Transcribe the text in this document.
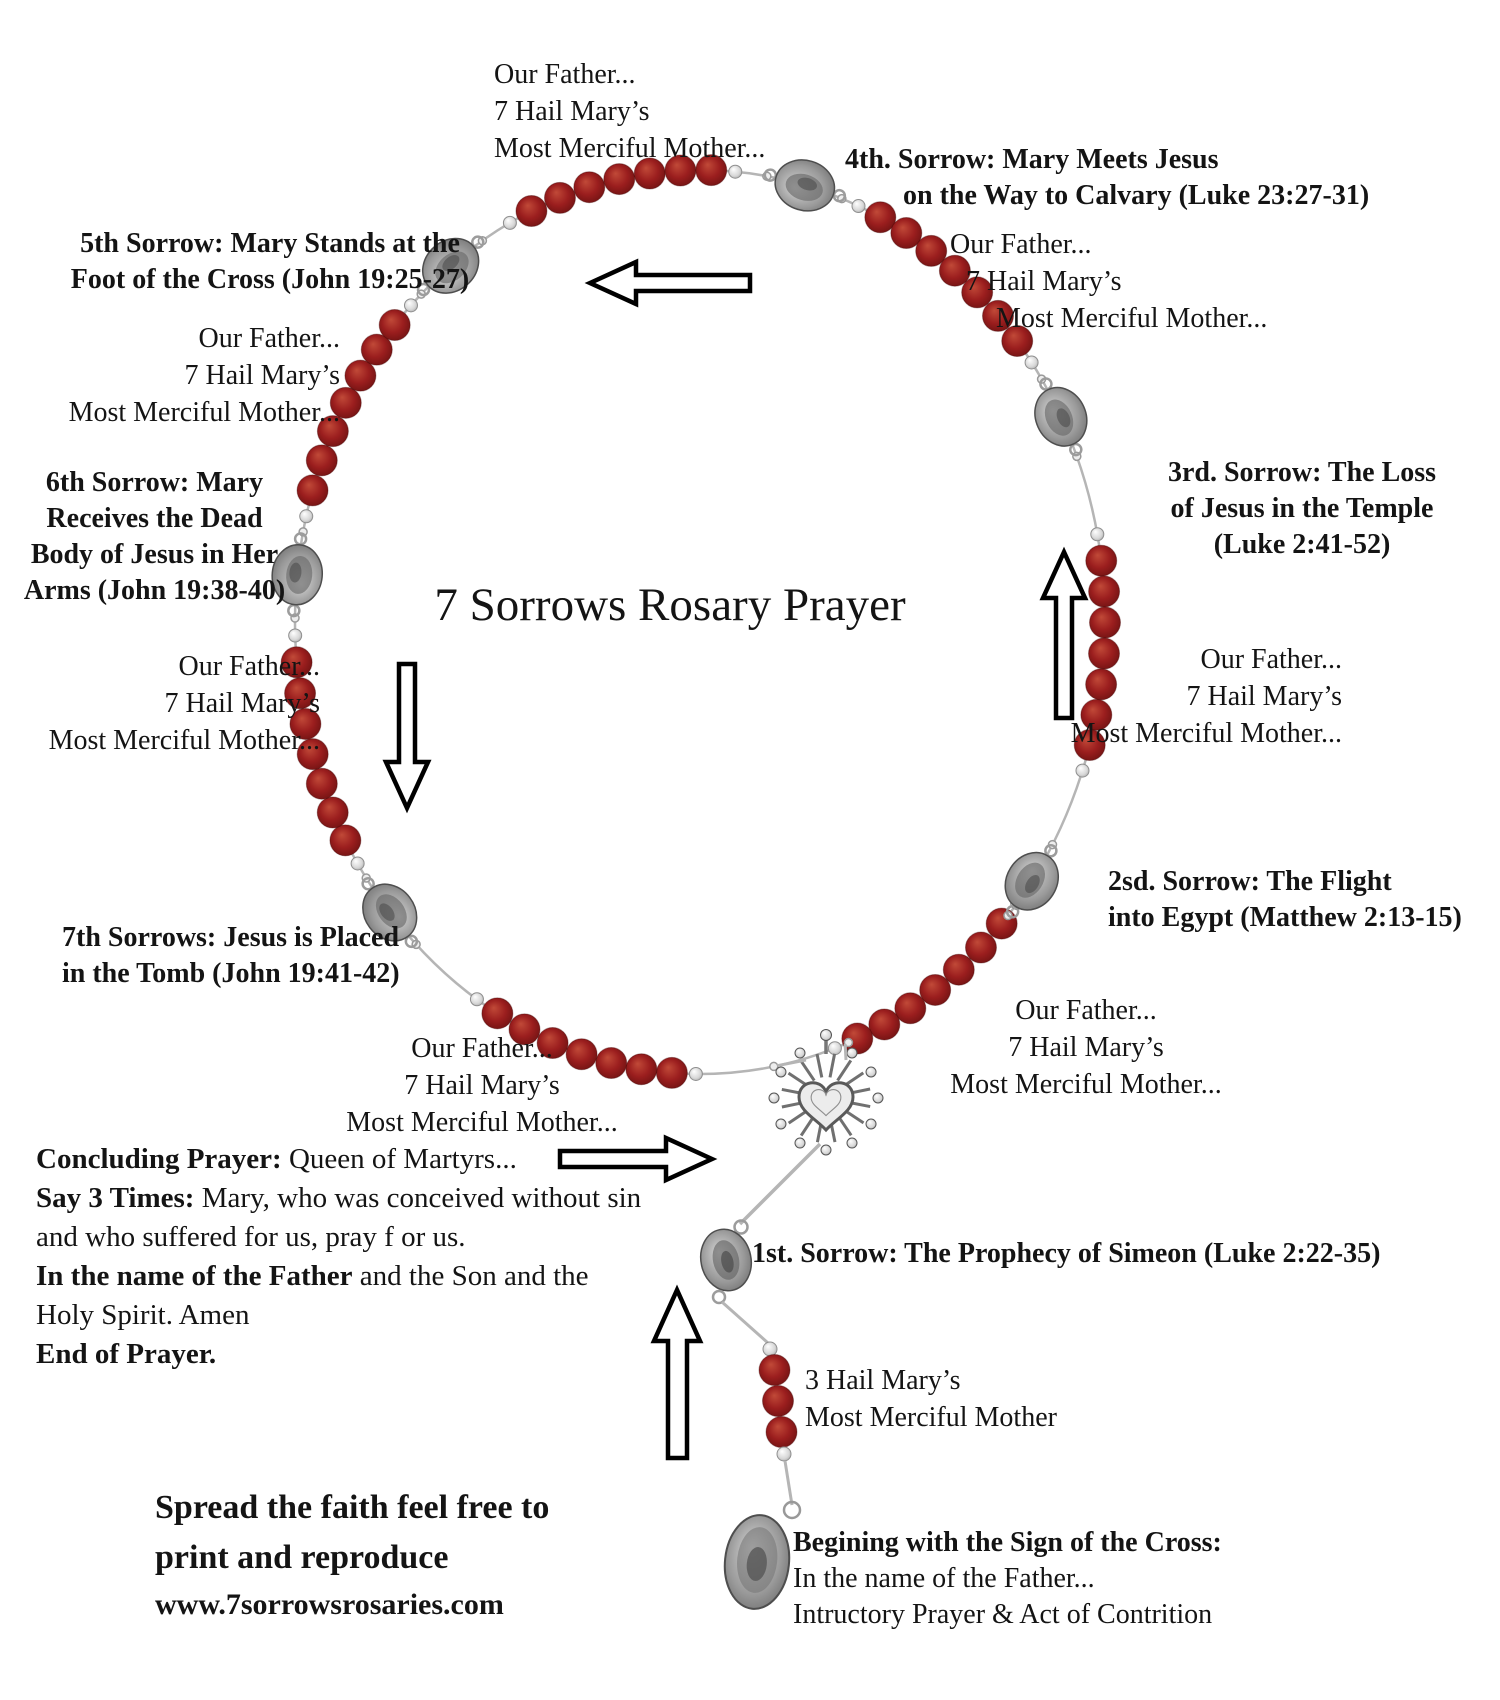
7 Sorrows Rosary Prayer
Our Father...
7 Hail Mary’s
Most Merciful Mother...	4th. Sorrow: Mary Meets Jesus
on the Way to Calvary (Luke 23:27-31)
Our Father...
7 Hail Mary’s
Most Merciful Mother...
5th Sorrow: Mary Stands at the
Foot of the Cross (John 19:25-27)
Our Father...
7 Hail Mary’s
Most Merciful Mother...
6th Sorrow: Mary
Receives the Dead
Body of Jesus in Her
Arms (John 19:38-40)
3rd. Sorrow: The Loss
of Jesus in the Temple
(Luke 2:41-52)
Our Father...
7 Hail Mary’s
Most Merciful Mother...
Our Father...
7 Hail Mary’s
Most Merciful Mother...
2sd. Sorrow: The Flight
into Egypt (Matthew 2:13-15)
7th Sorrows: Jesus is Placed
in the Tomb (John 19:41-42)
Our Father...
7 Hail Mary’s
Most Merciful Mother...
Our Father...
7 Hail Mary’s
Most Merciful Mother...
Concluding Prayer: Queen of Martyrs...
Say 3 Times: Mary, who was conceived without sin
and who suffered for us, pray f or us.
In the name of the Father and the Son and the
Holy Spirit. Amen
End of Prayer.
1st. Sorrow: The Prophecy of Simeon (Luke 2:22-35)
3 Hail Mary’s
Most Merciful Mother
Begining with the Sign of the Cross:
In the name of the Father...
Intructory Prayer & Act of Contrition
Spread the faith feel free to
print and reproduce
www.7sorrowsrosaries.com
